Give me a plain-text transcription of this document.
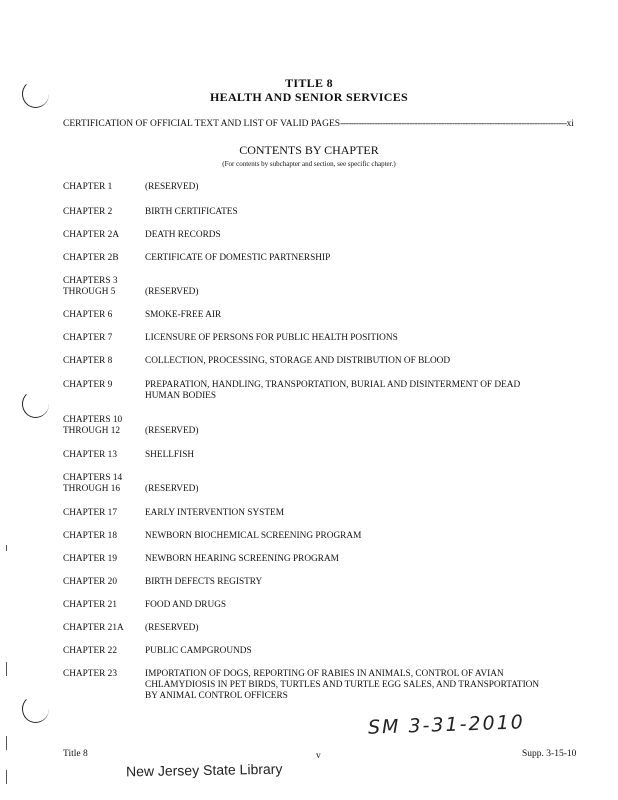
TITLE 8
HEALTH AND SENIOR SERVICES
CERTIFICATION OF OFFICIAL TEXT AND LIST OF VALID PAGES-------------------------------------------------------------------------------------xi
CONTENTS BY CHAPTER
(For contents by subchapter and section, see specific chapter.)
CHAPTER 1	(RESERVED)
CHAPTER 2	BIRTH CERTIFICATES
CHAPTER 2A	DEATH RECORDS
CHAPTER 2B	CERTIFICATE OF DOMESTIC PARTNERSHIP
CHAPTERS 3 THROUGH 5	(RESERVED)
CHAPTER 6	SMOKE-FREE AIR
CHAPTER 7	LICENSURE OF PERSONS FOR PUBLIC HEALTH POSITIONS
CHAPTER 8	COLLECTION, PROCESSING, STORAGE AND DISTRIBUTION OF BLOOD
CHAPTER 9	PREPARATION, HANDLING, TRANSPORTATION, BURIAL AND DISINTERMENT OF DEAD HUMAN BODIES
CHAPTERS 10 THROUGH 12	(RESERVED)
CHAPTER 13	SHELLFISH
CHAPTERS 14 THROUGH 16	(RESERVED)
CHAPTER 17	EARLY INTERVENTION SYSTEM
CHAPTER 18	NEWBORN BIOCHEMICAL SCREENING PROGRAM
CHAPTER 19	NEWBORN HEARING SCREENING PROGRAM
CHAPTER 20	BIRTH DEFECTS REGISTRY
CHAPTER 21	FOOD AND DRUGS
CHAPTER 21A	(RESERVED)
CHAPTER 22	PUBLIC CAMPGROUNDS
CHAPTER 23	IMPORTATION OF DOGS, REPORTING OF RABIES IN ANIMALS, CONTROL OF AVIAN CHLAMYDIOSIS IN PET BIRDS, TURTLES AND TURTLE EGG SALES, AND TRANSPORTATION BY ANIMAL CONTROL OFFICERS
SM 3-31-2010
Title 8	v	Supp. 3-15-10
New Jersey State Library
